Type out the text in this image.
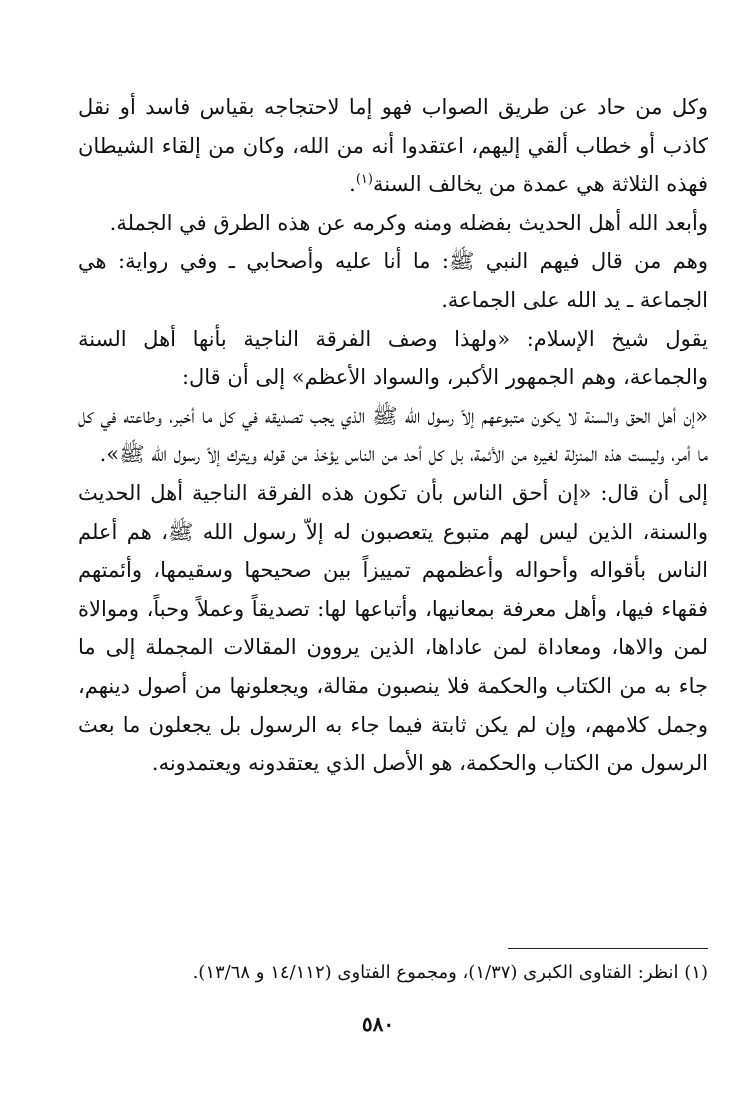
وكل من حاد عن طريق الصواب فهو إما لاحتجاجه بقياس فاسد أو نقل كاذب أو خطاب ألقي إليهم، اعتقدوا أنه من الله، وكان من إلقاء الشيطان فهذه الثلاثة هي عمدة من يخالف السنة$^{(١)}$.

وأبعد الله أهل الحديث بفضله ومنه وكرمه عن هذه الطرق في الجملة.

وهم من قال فيهم النبي ﷺ: ما أنا عليه وأصحابي ـ وفي رواية: هي الجماعة ـ يد الله على الجماعة.

يقول شيخ الإسلام: «ولهذا وصف الفرقة الناجية بأنها أهل السنة والجماعة، وهم الجمهور الأكبر، والسواد الأعظم» إلى أن قال:

«إن أهل الحق والسنة لا يكون متبوعهم إلاّ رسول الله ﷺ الذي يجب تصديقه في كل ما أخبر، وطاعته في كل ما أمر، وليست هذه المنزلة لغيره من الأئمة، بل كل أحد من الناس يؤخذ من قوله ويترك إلاّ رسول الله ﷺ».

إلى أن قال: «إن أحق الناس بأن تكون هذه الفرقة الناجية أهل الحديث والسنة، الذين ليس لهم متبوع يتعصبون له إلاّ رسول الله ﷺ، هم أعلم الناس بأقواله وأحواله وأعظمهم تمييزاً بين صحيحها وسقيمها، وأئمتهم فقهاء فيها، وأهل معرفة بمعانيها، وأتباعها لها: تصديقاً وعملاً وحباً، وموالاة لمن والاها، ومعاداة لمن عاداها، الذين يروون المقالات المجملة إلى ما جاء به من الكتاب والحكمة فلا ينصبون مقالة، ويجعلونها من أصول دينهم، وجمل كلامهم، وإن لم يكن ثابتة فيما جاء به الرسول بل يجعلون ما بعث الرسول من الكتاب والحكمة، هو الأصل الذي يعتقدونه ويعتمدونه.

(١) انظر: الفتاوى الكبرى (١/٣٧)، ومجموع الفتاوى (١٤/١١٢ و ١٣/٦٨).
٥٨٠
